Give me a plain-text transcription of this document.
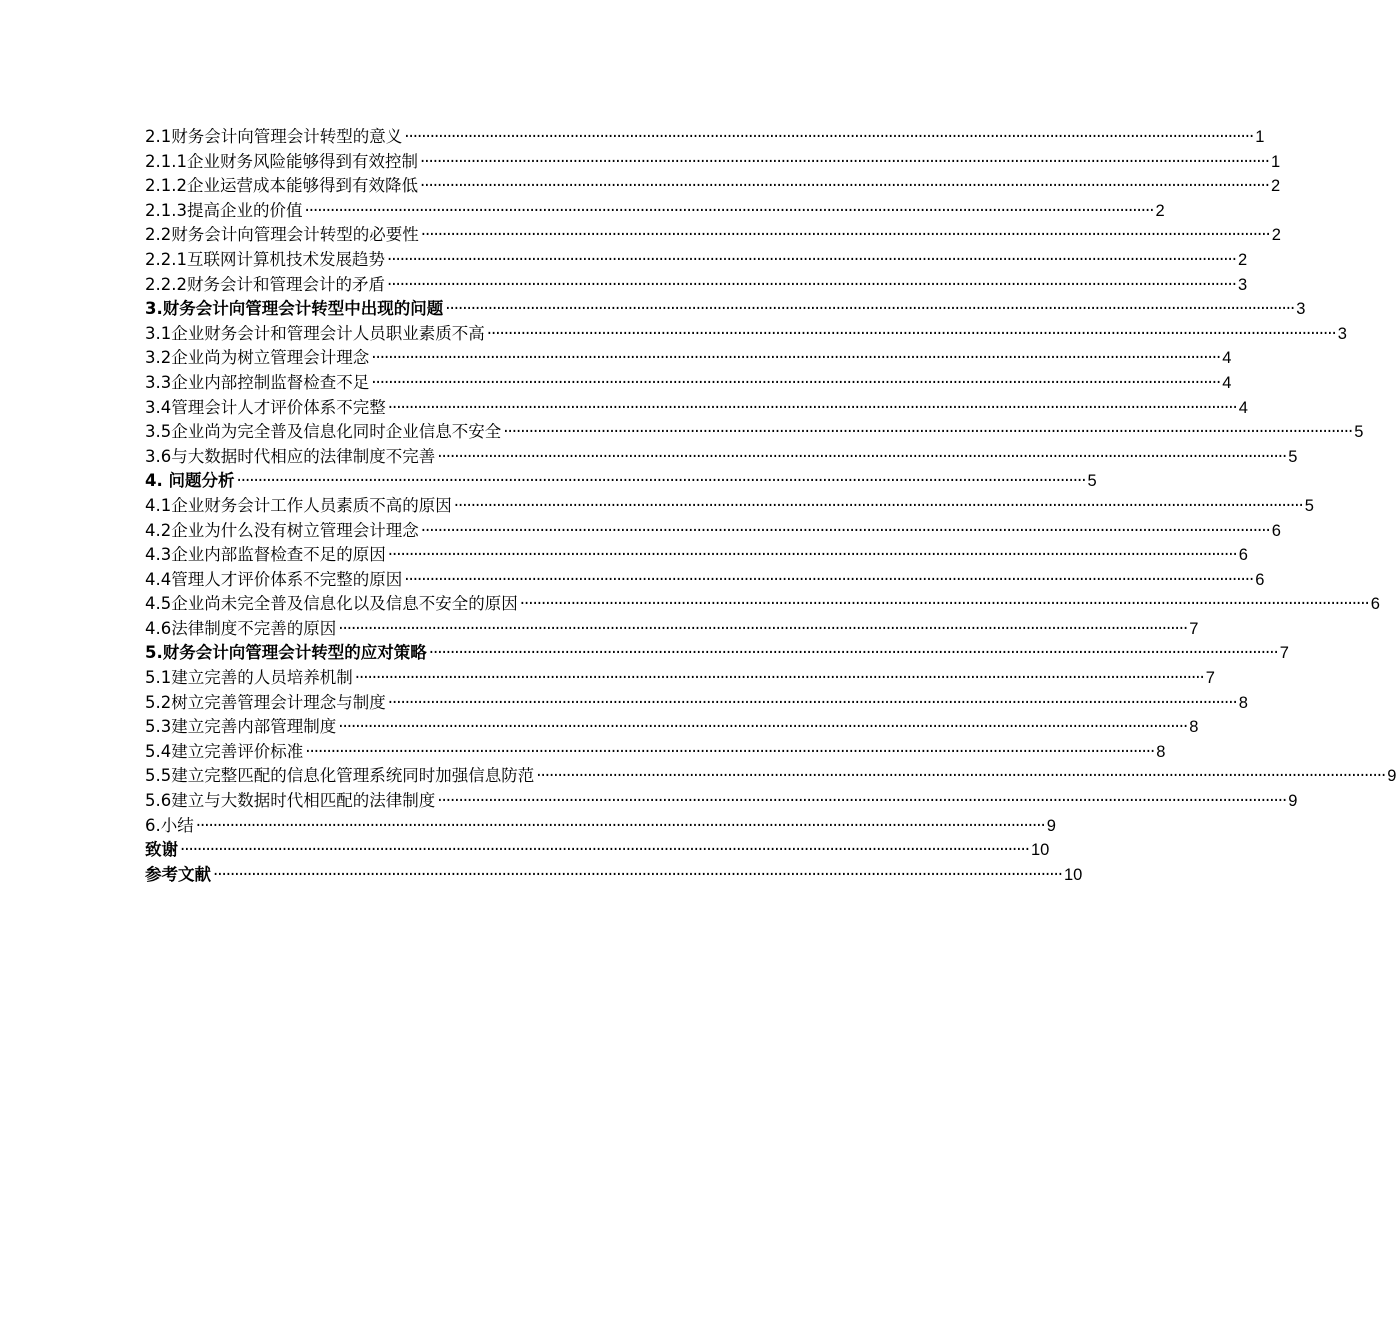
2.1财务会计向管理会计转型的意义 ········································································································································································································ 1
2.1.1企业财务风险能够得到有效控制 ········································································································································································································ 1
2.1.2企业运营成本能够得到有效降低 ········································································································································································································ 2
2.1.3提高企业的价值 ········································································································································································································ 2
2.2财务会计向管理会计转型的必要性 ········································································································································································································ 2
2.2.1互联网计算机技术发展趋势 ········································································································································································································ 2
2.2.2财务会计和管理会计的矛盾 ········································································································································································································ 3
3.财务会计向管理会计转型中出现的问题 ········································································································································································································ 3
3.1企业财务会计和管理会计人员职业素质不高 ········································································································································································································ 3
3.2企业尚为树立管理会计理念 ········································································································································································································ 4
3.3企业内部控制监督检查不足 ········································································································································································································ 4
3.4管理会计人才评价体系不完整 ········································································································································································································ 4
3.5企业尚为完全普及信息化同时企业信息不安全 ········································································································································································································ 5
3.6与大数据时代相应的法律制度不完善 ········································································································································································································ 5
4. 问题分析 ········································································································································································································ 5
4.1企业财务会计工作人员素质不高的原因 ········································································································································································································ 5
4.2企业为什么没有树立管理会计理念 ········································································································································································································ 6
4.3企业内部监督检查不足的原因 ········································································································································································································ 6
4.4管理人才评价体系不完整的原因 ········································································································································································································ 6
4.5企业尚未完全普及信息化以及信息不安全的原因 ········································································································································································································ 6
4.6法律制度不完善的原因 ········································································································································································································ 7
5.财务会计向管理会计转型的应对策略 ········································································································································································································ 7
5.1建立完善的人员培养机制 ········································································································································································································ 7
5.2树立完善管理会计理念与制度 ········································································································································································································ 8
5.3建立完善内部管理制度 ········································································································································································································ 8
5.4建立完善评价标准 ········································································································································································································ 8
5.5建立完整匹配的信息化管理系统同时加强信息防范 ········································································································································································································ 9
5.6建立与大数据时代相匹配的法律制度 ········································································································································································································ 9
6.小结 ········································································································································································································ 9
致谢 ········································································································································································································ 10
参考文献 ········································································································································································································ 10
